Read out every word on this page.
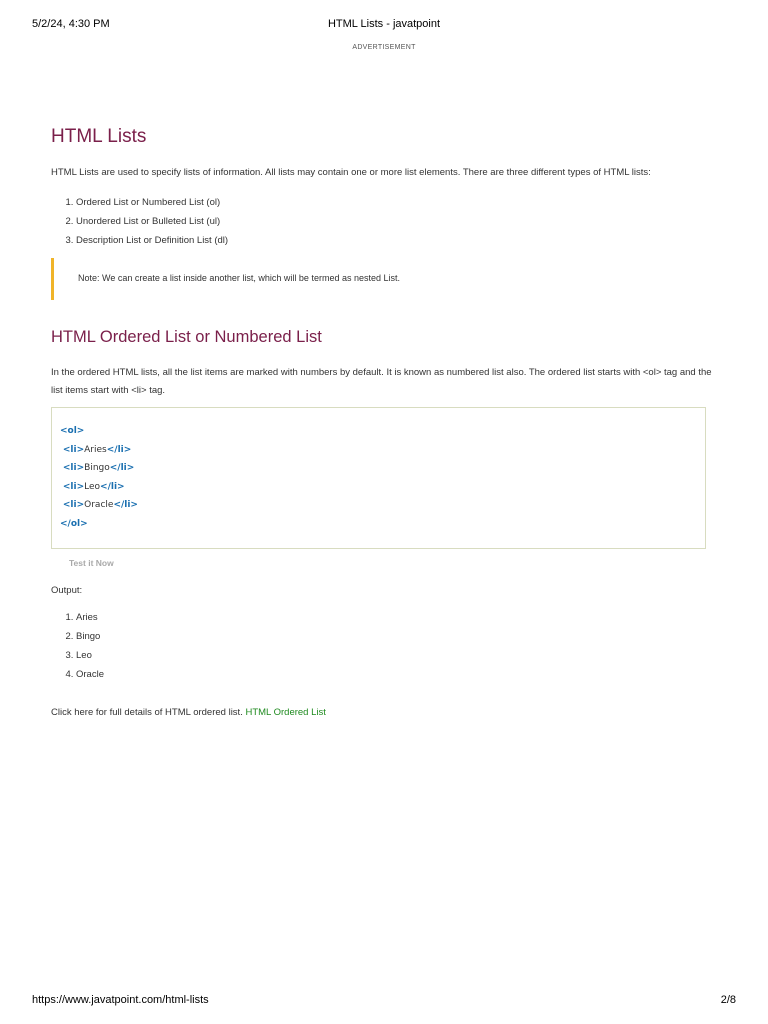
5/2/24, 4:30 PM	HTML Lists - javatpoint
ADVERTISEMENT
HTML Lists

HTML Lists are used to specify lists of information. All lists may contain one or more list elements. There are three different types of HTML lists:

1. Ordered List or Numbered List (ol)
2. Unordered List or Bulleted List (ul)
3. Description List or Definition List (dl)
Note: We can create a list inside another list, which will be termed as nested List.
HTML Ordered List or Numbered List

In the ordered HTML lists, all the list items are marked with numbers by default. It is known as numbered list also. The ordered list starts with <ol> tag and the list items start with <li> tag.

<ol>
<li>Aries</li>
<li>Bingo</li>
<li>Leo</li>
<li>Oracle</li>
</ol>
Test it Now
Output:
1. Aries
2. Bingo
3. Leo
4. Oracle
Click here for full details of HTML ordered list. HTML Ordered List
https://www.javatpoint.com/html-lists	2/8
